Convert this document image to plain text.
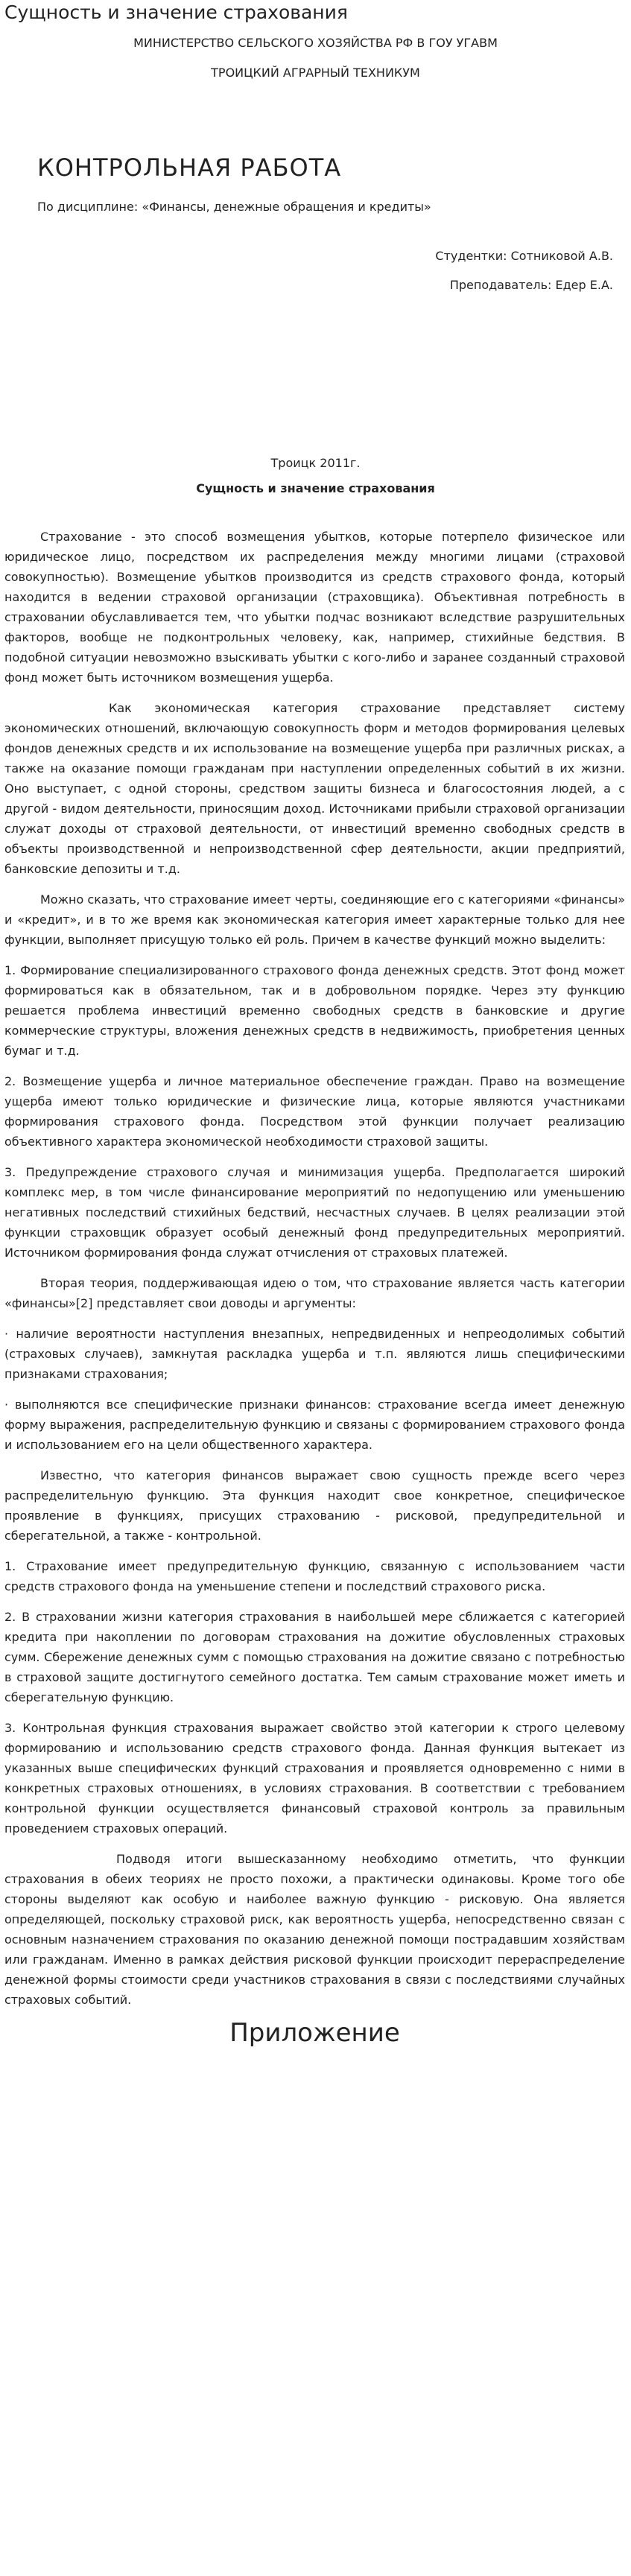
Сущность и значение страхования
МИНИСТЕРСТВО СЕЛЬСКОГО ХОЗЯЙСТВА РФ В ГОУ УГАВМ
ТРОИЦКИЙ АГРАРНЫЙ ТЕХНИКУМ
КОНТРОЛЬНАЯ РАБОТА
По дисциплине: «Финансы, денежные обращения и кредиты»
Студентки: Сотниковой А.В.
Преподаватель: Едер Е.А.
Троицк 2011г.
Сущность и значение страхования

Страхование - это способ возмещения убытков, которые потерпело физическое или юридическое лицо, посредством их распределения между многими лицами (страховой совокупностью). Возмещение убытков производится из средств страхового фонда, который находится в ведении страховой организации (страховщика). Объективная потребность в страховании обуславливается тем, что убытки подчас возникают вследствие разрушительных факторов, вообще не подконтрольных человеку, как, например, стихийные бедствия. В подобной ситуации невозможно взыскивать убытки с кого-либо и заранее созданный страховой фонд может быть источником возмещения ущерба.

Как экономическая категория страхование представляет систему экономических отношений, включающую совокупность форм и методов формирования целевых фондов денежных средств и их использование на возмещение ущерба при различных рисках, а также на оказание помощи гражданам при наступлении определенных событий в их жизни. Оно выступает, с одной стороны, средством защиты бизнеса и благосостояния людей, а с другой - видом деятельности, приносящим доход. Источниками прибыли страховой организации служат доходы от страховой деятельности, от инвестиций временно свободных средств в объекты производственной и непроизводственной сфер деятельности, акции предприятий, банковские депозиты и т.д.

Можно сказать, что страхование имеет черты, соединяющие его с категориями «финансы» и «кредит», и в то же время как экономическая категория имеет характерные только для нее функции, выполняет присущую только ей роль. Причем в качестве функций можно выделить:

1. Формирование специализированного страхового фонда денежных средств. Этот фонд может формироваться как в обязательном, так и в добровольном порядке. Через эту функцию решается проблема инвестиций временно свободных средств в банковские и другие коммерческие структуры, вложения денежных средств в недвижимость, приобретения ценных бумаг и т.д.

2. Возмещение ущерба и личное материальное обеспечение граждан. Право на возмещение ущерба имеют только юридические и физические лица, которые являются участниками формирования страхового фонда. Посредством этой функции получает реализацию объективного характера экономической необходимости страховой защиты.

3. Предупреждение страхового случая и минимизация ущерба. Предполагается широкий комплекс мер, в том числе финансирование мероприятий по недопущению или уменьшению негативных последствий стихийных бедствий, несчастных случаев. В целях реализации этой функции страховщик образует особый денежный фонд предупредительных мероприятий. Источником формирования фонда служат отчисления от страховых платежей.

Вторая теория, поддерживающая идею о том, что страхование является часть категории «финансы»[2] представляет свои доводы и аргументы:

· наличие вероятности наступления внезапных, непредвиденных и непреодолимых событий (страховых случаев), замкнутая раскладка ущерба и т.п. являются лишь специфическими признаками страхования;

· выполняются все специфические признаки финансов: страхование всегда имеет денежную форму выражения, распределительную функцию и связаны с формированием страхового фонда и использованием его на цели общественного характера.

Известно, что категория финансов выражает свою сущность прежде всего через распределительную функцию. Эта функция находит свое конкретное, специфическое проявление в функциях, присущих страхованию - рисковой, предупредительной и сберегательной, а также - контрольной.

1. Страхование имеет предупредительную функцию, связанную с использованием части средств страхового фонда на уменьшение степени и последствий страхового риска.

2. В страховании жизни категория страхования в наибольшей мере сближается с категорией кредита при накоплении по договорам страхования на дожитие обусловленных страховых сумм. Сбережение денежных сумм с помощью страхования на дожитие связано с потребностью в страховой защите достигнутого семейного достатка. Тем самым страхование может иметь и сберегательную функцию.

3. Контрольная функция страхования выражает свойство этой категории к строго целевому формированию и использованию средств страхового фонда. Данная функция вытекает из указанных выше специфических функций страхования и проявляется одновременно с ними в конкретных страховых отношениях, в условиях страхования. В соответствии с требованием контрольной функции осуществляется финансовый страховой контроль за правильным проведением страховых операций.

Подводя итоги вышесказанному необходимо отметить, что функции страхования в обеих теориях не просто похожи, а практически одинаковы. Кроме того обе стороны выделяют как особую и наиболее важную функцию - рисковую. Она является определяющей, поскольку страховой риск, как вероятность ущерба, непосредственно связан с основным назначением страхования по оказанию денежной помощи пострадавшим хозяйствам или гражданам. Именно в рамках действия рисковой функции происходит перераспределение денежной формы стоимости среди участников страхования в связи с последствиями случайных страховых событий.

Приложение
